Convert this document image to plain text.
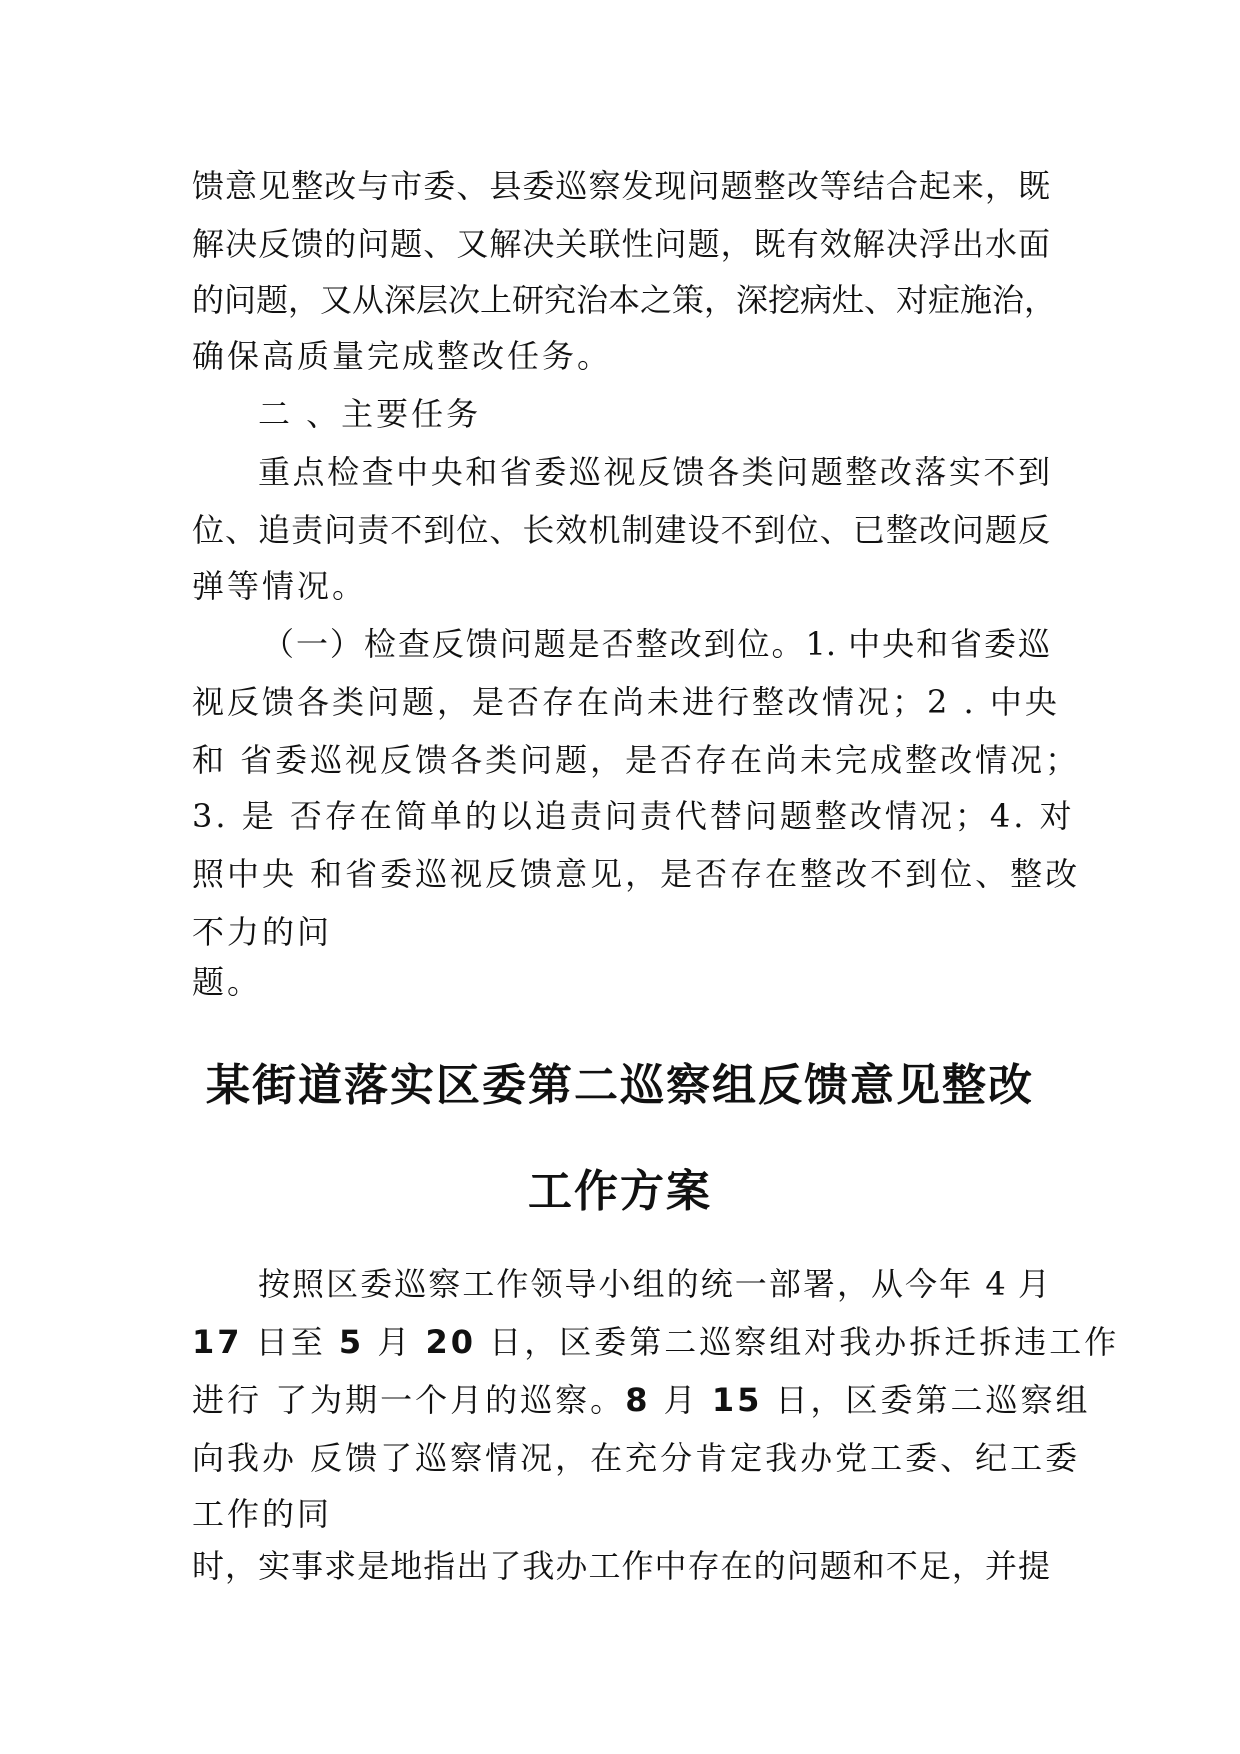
馈意见整改与市委、县委巡察发现问题整改等结合起来，既
解决反馈的问题、又解决关联性问题，既有效解决浮出水面
的问题，又从深层次上研究治本之策，深挖病灶、对症施治，
确保高质量完成整改任务。
二 、主要任务
重点检查中央和省委巡视反馈各类问题整改落实不到
位、追责问责不到位、长效机制建设不到位、已整改问题反
弹等情况。
（一）检查反馈问题是否整改到位。1. 中央和省委巡
视反馈各类问题，是否存在尚未进行整改情况；2 . 中央
和 省委巡视反馈各类问题，是否存在尚未完成整改情况；
3. 是 否存在简单的以追责问责代替问题整改情况；4. 对
照中央 和省委巡视反馈意见，是否存在整改不到位、整改
不力的问
题。
某街道落实区委第二巡察组反馈意见整改
工作方案
按照区委巡察工作领导小组的统一部署，从今年 4 月
17 日至 5 月 20 日，区委第二巡察组对我办拆迁拆违工作
进行 了为期一个月的巡察。8 月 15 日，区委第二巡察组
向我办 反馈了巡察情况，在充分肯定我办党工委、纪工委
工作的同
时，实事求是地指出了我办工作中存在的问题和不足，并提
